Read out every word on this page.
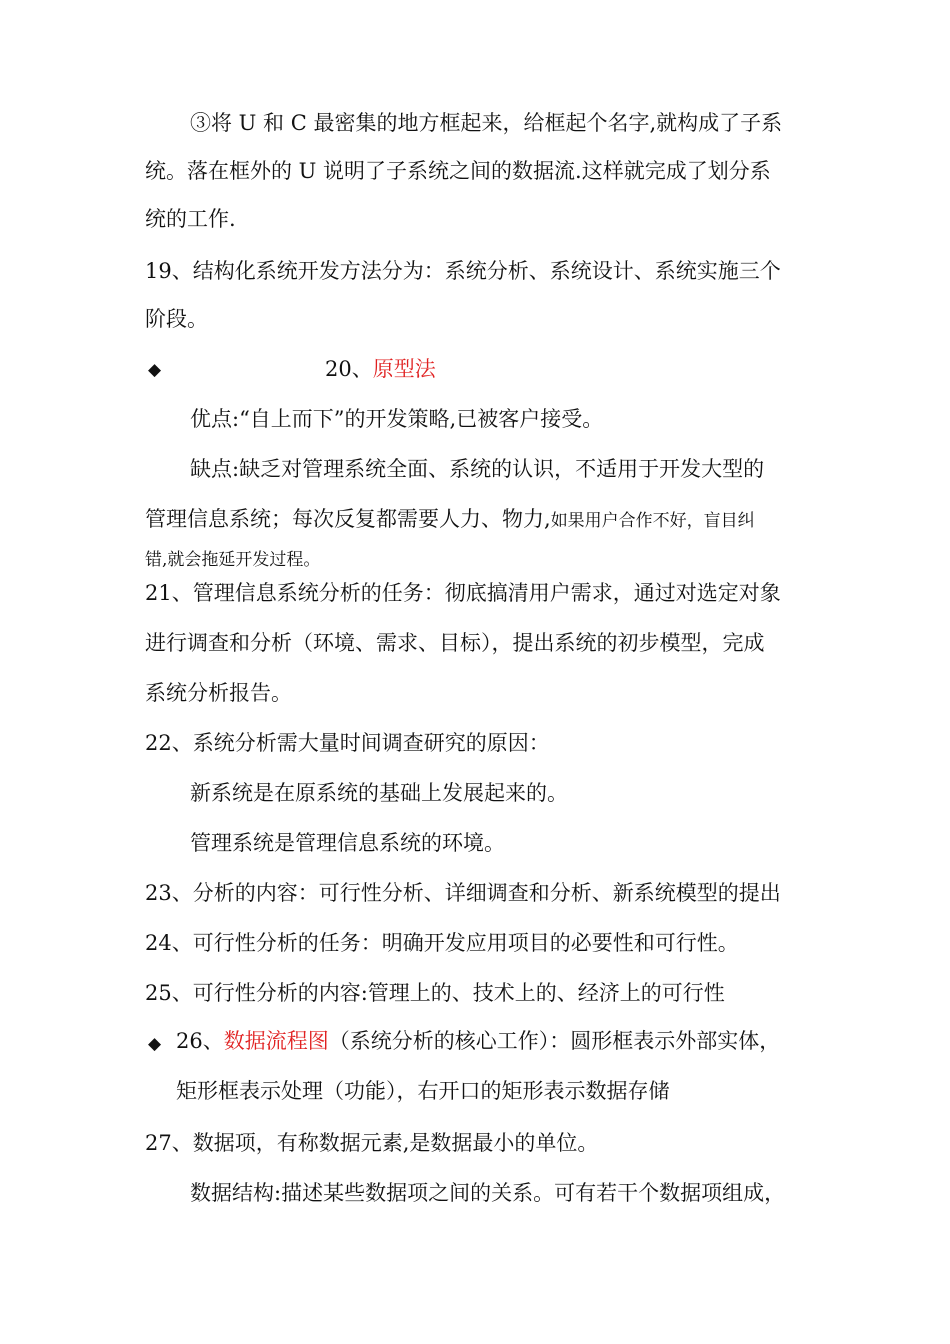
③将 U 和 C 最密集的地方框起来，给框起个名字,就构成了子系
统。落在框外的 U 说明了子系统之间的数据流.这样就完成了划分系
统的工作.
19、结构化系统开发方法分为：系统分析、系统设计、系统实施三个
阶段。
◆	20、原型法
优点:“自上而下”的开发策略,已被客户接受。
缺点:缺乏对管理系统全面、系统的认识，不适用于开发大型的
管理信息系统；每次反复都需要人力、物力,如果用户合作不好，盲目纠
错,就会拖延开发过程。
21、管理信息系统分析的任务：彻底搞清用户需求，通过对选定对象
进行调查和分析（环境、需求、目标），提出系统的初步模型，完成
系统分析报告。
22、系统分析需大量时间调查研究的原因：
新系统是在原系统的基础上发展起来的。
管理系统是管理信息系统的环境。
23、分析的内容：可行性分析、详细调查和分析、新系统模型的提出
24、可行性分析的任务：明确开发应用项目的必要性和可行性。
25、可行性分析的内容:管理上的、技术上的、经济上的可行性
◆ 26、数据流程图（系统分析的核心工作）：圆形框表示外部实体，
矩形框表示处理（功能），右开口的矩形表示数据存储
27、数据项，有称数据元素,是数据最小的单位。
数据结构:描述某些数据项之间的关系。可有若干个数据项组成，
